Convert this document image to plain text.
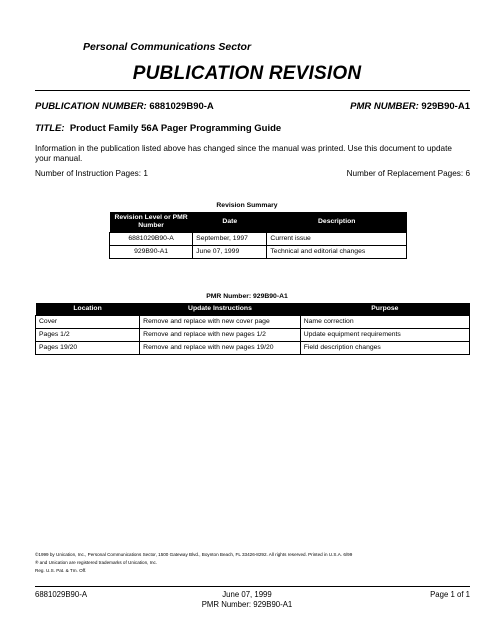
Personal Communications Sector
PUBLICATION REVISION
PUBLICATION NUMBER: 6881029B90-A	PMR NUMBER: 929B90-A1
TITLE: Product Family 56A Pager Programming Guide
Information in the publication listed above has changed since the manual was printed. Use this document to update your manual.
Number of Instruction Pages: 1	Number of Replacement Pages: 6
Revision Summary
Revision Level or PMR Number	Date	Description
6881029B90-A	September, 1997	Current issue
929B90-A1	June 07, 1999	Technical and editorial changes
PMR Number: 929B90-A1
Location	Update Instructions	Purpose
Cover	Remove and replace with new cover page	Name correction
Pages 1/2	Remove and replace with new pages 1/2	Update equipment requirements
Pages 19/20	Remove and replace with new pages 19/20	Field description changes
©1999 by Unication, Inc., Personal Communications Sector, 1500 Gateway Blvd., Boynton Beach, FL 33426-8292. All rights reserved. Printed in U.S.A. 6/99
® and Unication are registered trademarks of Unication, Inc.
Reg. U.S. Pat. & Tm. Off.
6881029B90-A	June 07, 1999
PMR Number: 929B90-A1
Page 1 of 1
